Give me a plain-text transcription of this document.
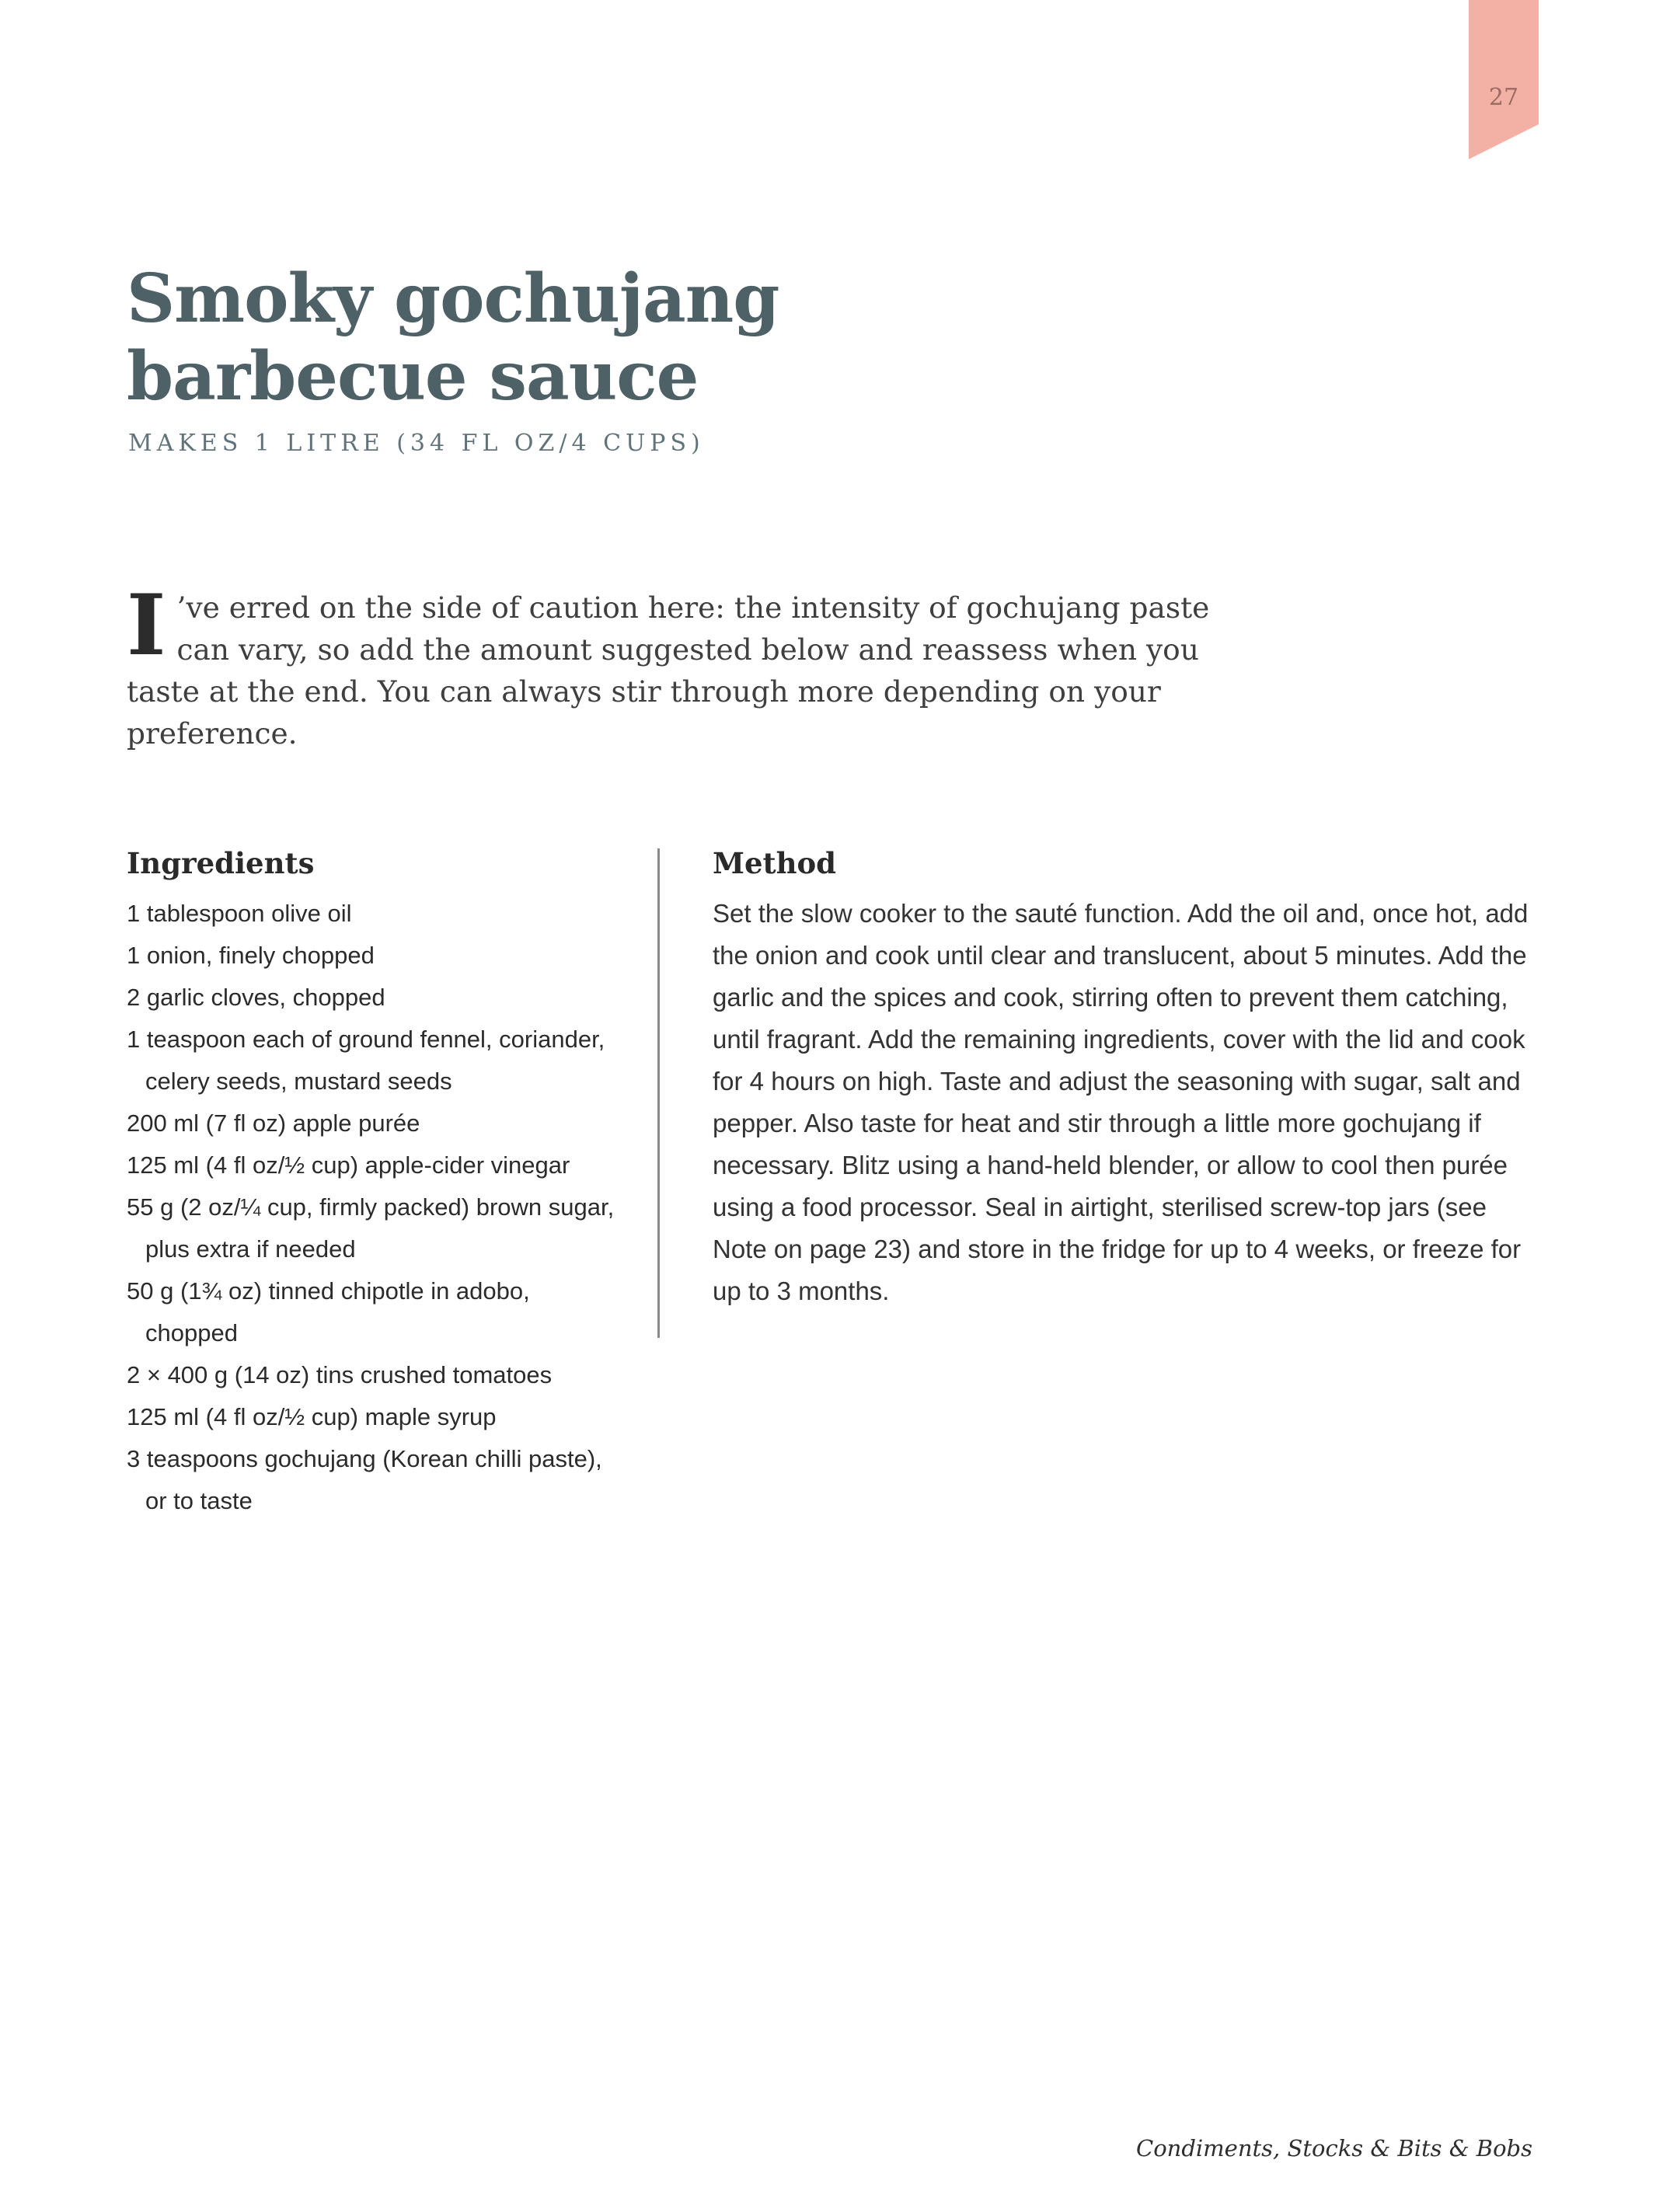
27
Smoky gochujang
barbecue sauce
MAKES 1 LITRE (34 FL OZ/4 CUPS)
I ’ve erred on the side of caution here: the intensity of gochujang paste can vary, so add the amount suggested below and reassess when you taste at the end. You can always stir through more depending on your preference.
Ingredients
1 tablespoon olive oil
1 onion, finely chopped
2 garlic cloves, chopped
1 teaspoon each of ground fennel, coriander, celery seeds, mustard seeds
200 ml (7 fl oz) apple purée
125 ml (4 fl oz/½ cup) apple-cider vinegar
55 g (2 oz/¼ cup, firmly packed) brown sugar, plus extra if needed
50 g (1¾ oz) tinned chipotle in adobo, chopped
2 × 400 g (14 oz) tins crushed tomatoes
125 ml (4 fl oz/½ cup) maple syrup
3 teaspoons gochujang (Korean chilli paste), or to taste
Method

Set the slow cooker to the sauté function. Add the oil and, once hot, add the onion and cook until clear and translucent, about 5 minutes. Add the garlic and the spices and cook, stirring often to prevent them catching, until fragrant. Add the remaining ingredients, cover with the lid and cook for 4 hours on high. Taste and adjust the seasoning with sugar, salt and pepper. Also taste for heat and stir through a little more gochujang if necessary. Blitz using a hand-held blender, or allow to cool then purée using a food processor. Seal in airtight, sterilised screw-top jars (see Note on page 23) and store in the fridge for up to 4 weeks, or freeze for up to 3 months.

Condiments, Stocks & Bits & Bobs
